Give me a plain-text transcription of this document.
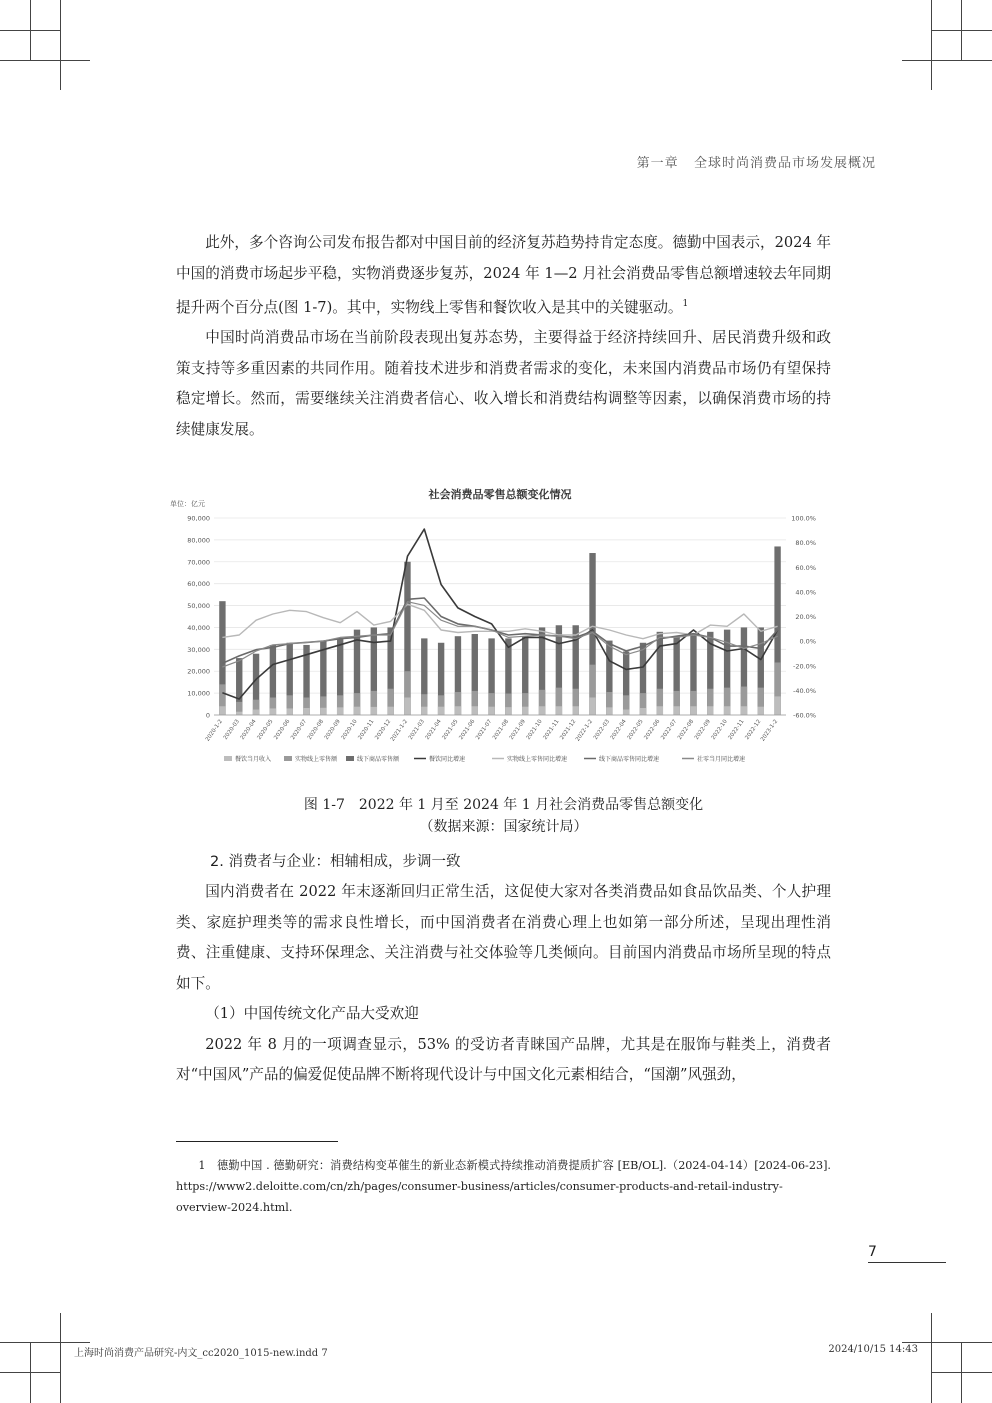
第一章 全球时尚消费品市场发展概况

此外，多个咨询公司发布报告都对中国目前的经济复苏趋势持肯定态度。德勤中国表示，2024 年中国的消费市场起步平稳，实物消费逐步复苏，2024 年 1—2 月社会消费品零售总额增速较去年同期提升两个百分点(图 1-7)。其中，实物线上零售和餐饮收入是其中的关键驱动。$^1$

中国时尚消费品市场在当前阶段表现出复苏态势，主要得益于经济持续回升、居民消费升级和政策支持等多重因素的共同作用。随着技术进步和消费者需求的变化，未来国内消费品市场仍有望保持稳定增长。然而，需要继续关注消费者信心、收入增长和消费结构调整等因素，以确保消费市场的持续健康发展。

社会消费品零售总额变化情况
单位：亿元
0
10,000
20,000
30,000
40,000
50,000
60,000
70,000
80,000
90,000
-60.0%
-40.0%
-20.0%
0.0%
20.0%
40.0%
60.0%
80.0%
100.0%
2020-1-2
2020-03
2020-04
2020-05
2020-06
2020-07
2020-08
2020-09
2020-10
2020-11
2020-12
2021-1-2
2021-03
2021-04
2021-05
2021-06
2021-07
2021-08
2021-09
2021-10
2021-11
2021-12
2022-1-2
2022-03
2022-04
2022-05
2022-06
2022-07
2022-08
2022-09
2022-10
2022-11
2022-12
2023-1-2
餐饮当月收入	实物线上零售额	线下商品零售额	餐饮同比增速	实物线上零售同比增速	线下商品零售同比增速	社零当月同比增速
图 1-7　2022 年 1 月至 2024 年 1 月社会消费品零售总额变化
（数据来源：国家统计局）
2. 消费者与企业：相辅相成，步调一致

国内消费者在 2022 年末逐渐回归正常生活，这促使大家对各类消费品如食品饮品类、个人护理类、家庭护理类等的需求良性增长，而中国消费者在消费心理上也如第一部分所述，呈现出理性消费、注重健康、支持环保理念、关注消费与社交体验等几类倾向。目前国内消费品市场所呈现的特点如下。

（1）中国传统文化产品大受欢迎

2022 年 8 月的一项调查显示，53% 的受访者青睐国产品牌，尤其是在服饰与鞋类上，消费者对“中国风”产品的偏爱促使品牌不断将现代设计与中国文化元素相结合，“国潮”风强劲，

1　德勤中国 . 德勤研究：消费结构变革催生的新业态新模式持续推动消费提质扩容 [EB/OL].（2024-04-14）[2024-06-23]. https://www2.deloitte.com/cn/zh/pages/consumer-business/articles/consumer-products-and-retail-industry-overview-2024.html.
7
上海时尚消费产品研究-内文_cc2020_1015-new.indd 7	2024/10/15 14:43
